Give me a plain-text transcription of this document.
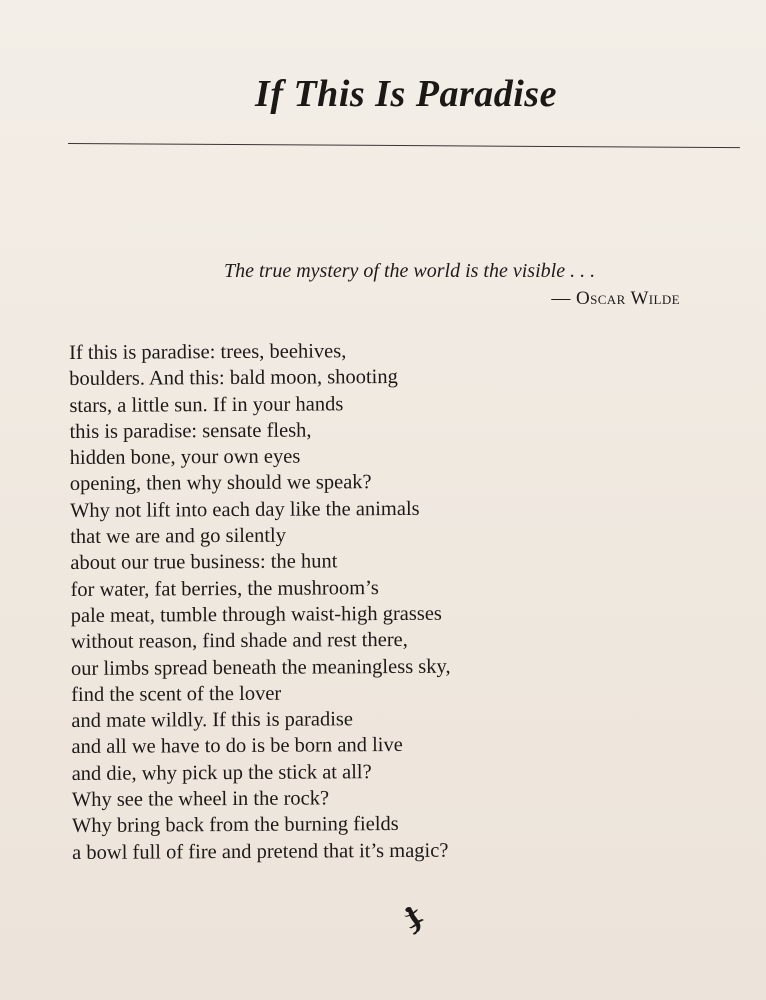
If This Is Paradise
The true mystery of the world is the visible . . .
— Oscar Wilde
If this is paradise: trees, beehives,
boulders. And this: bald moon, shooting
stars, a little sun. If in your hands
this is paradise: sensate flesh,
hidden bone, your own eyes
opening, then why should we speak?
Why not lift into each day like the animals
that we are and go silently
about our true business: the hunt
for water, fat berries, the mushroom’s
pale meat, tumble through waist-high grasses
without reason, find shade and rest there,
our limbs spread beneath the meaningless sky,
find the scent of the lover
and mate wildly. If this is paradise
and all we have to do is be born and live
and die, why pick up the stick at all?
Why see the wheel in the rock?
Why bring back from the burning fields
a bowl full of fire and pretend that it’s magic?
